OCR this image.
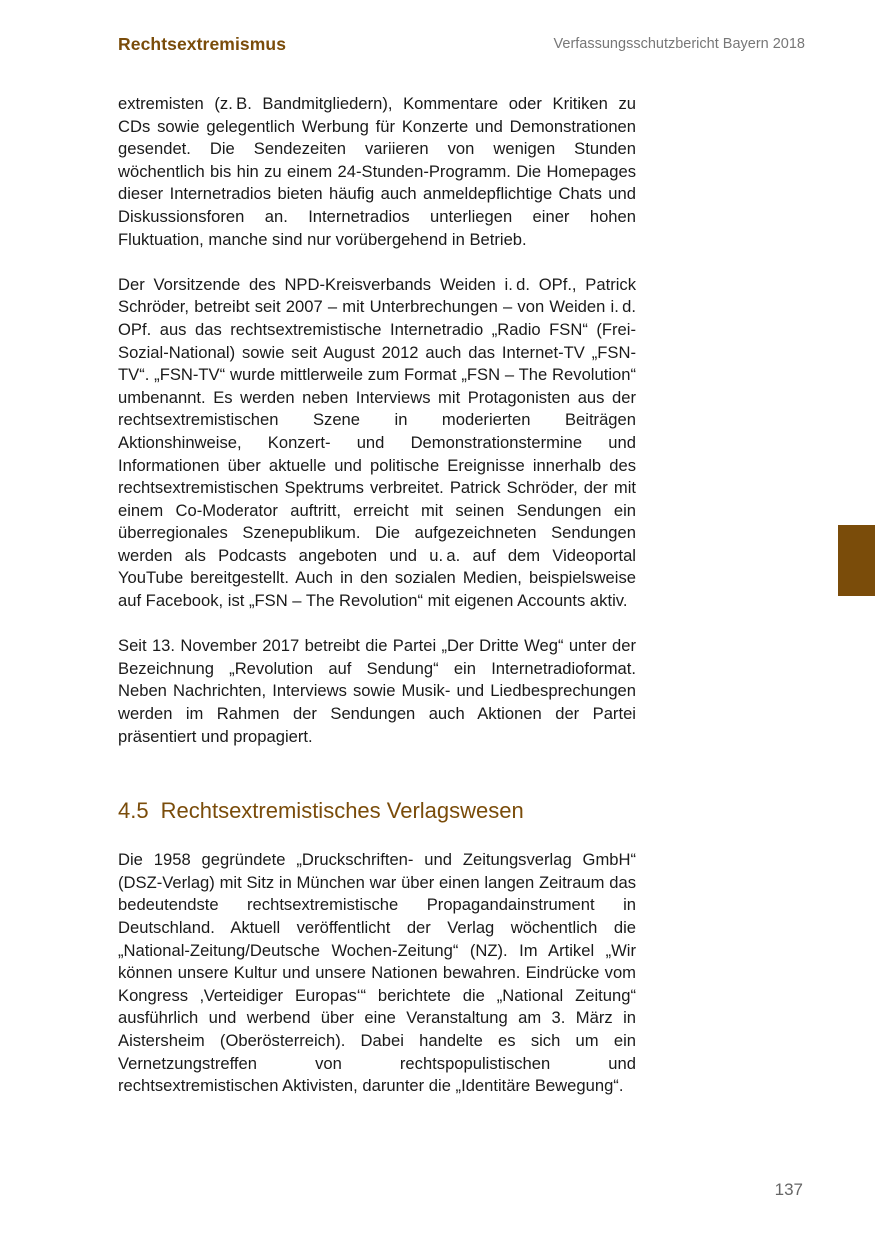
Rechtsextremismus	Verfassungsschutzbericht Bayern 2018

extremisten (z. B. Bandmitgliedern), Kommentare oder Kritiken zu CDs sowie gelegentlich Werbung für Konzerte und Demonstrationen gesendet. Die Sendezeiten variieren von wenigen Stunden wöchentlich bis hin zu einem 24-Stunden-Programm. Die Homepages dieser Internetradios bieten häufig auch anmeldepflichtige Chats und Diskussionsforen an. Internetradios unterliegen einer hohen Fluktuation, manche sind nur vorübergehend in Betrieb.

Der Vorsitzende des NPD-Kreisverbands Weiden i. d. OPf., Patrick Schröder, betreibt seit 2007 – mit Unterbrechungen – von Weiden i. d. OPf. aus das rechtsextremistische Internetradio „Radio FSN“ (Frei-Sozial-National) sowie seit August 2012 auch das Internet-TV „FSN-TV“. „FSN-TV“ wurde mittlerweile zum Format „FSN – The Revolution“ umbenannt. Es werden neben Interviews mit Protagonisten aus der rechtsextremistischen Szene in moderierten Beiträgen Aktionshinweise, Konzert- und Demonstrationstermine und Informationen über aktuelle und politische Ereignisse innerhalb des rechtsextremistischen Spektrums verbreitet. Patrick Schröder, der mit einem Co-Moderator auftritt, erreicht mit seinen Sendungen ein überregionales Szenepublikum. Die aufgezeichneten Sendungen werden als Podcasts angeboten und u. a. auf dem Videoportal YouTube bereitgestellt. Auch in den sozialen Medien, beispielsweise auf Facebook, ist „FSN – The Revolution“ mit eigenen Accounts aktiv.

Seit 13. November 2017 betreibt die Partei „Der Dritte Weg“ unter der Bezeichnung „Revolution auf Sendung“ ein Internetradioformat. Neben Nachrichten, Interviews sowie Musik- und Liedbesprechungen werden im Rahmen der Sendungen auch Aktionen der Partei präsentiert und propagiert.

4.5 Rechtsextremistisches Verlagswesen

Die 1958 gegründete „Druckschriften- und Zeitungsverlag GmbH“ (DSZ-Verlag) mit Sitz in München war über einen langen Zeitraum das bedeutendste rechtsextremistische Propagandainstrument in Deutschland. Aktuell veröffentlicht der Verlag wöchentlich die „National-Zeitung/Deutsche Wochen-Zeitung“ (NZ). Im Artikel „Wir können unsere Kultur und unsere Nationen bewahren. Eindrücke vom Kongress ‚Verteidiger Europas‘“ berichtete die „National Zeitung“ ausführlich und werbend über eine Veranstaltung am 3. März in Aistersheim (Oberösterreich). Dabei handelte es sich um ein Vernetzungstreffen von rechtspopulistischen und rechtsextremistischen Aktivisten, darunter die „Identitäre Bewegung“.

137
